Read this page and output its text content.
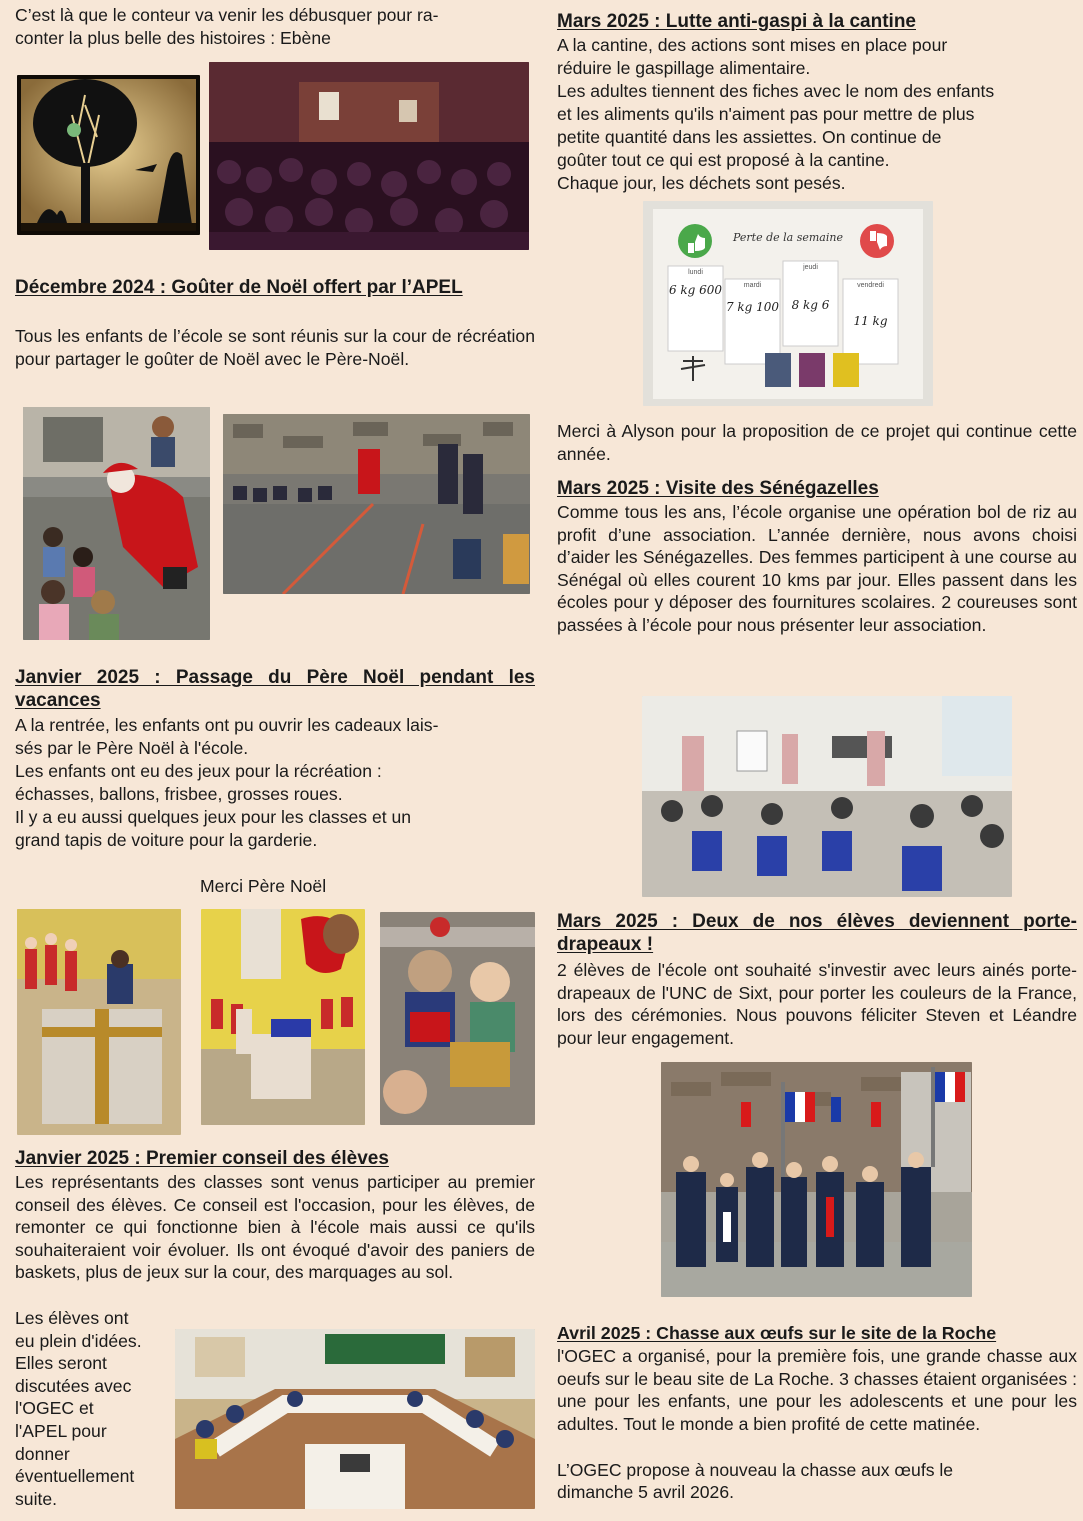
C’est là que le conteur va venir les débusquer pour ra-
conter la plus belle des histoires : Ebène
Décembre 2024 : Goûter de Noël offert par l’APEL

Tous les enfants de l’école se sont réunis sur la cour de récréation pour partager le goûter de Noël avec le Père-Noël.

Janvier 2025 : Passage du Père Noël pendant les vacances
A la rentrée, les enfants ont pu ouvrir les cadeaux lais-
sés par le Père Noël à l'école.
Les enfants ont eu des jeux pour la récréation :
échasses, ballons, frisbee, grosses roues.
Il y a eu aussi quelques jeux pour les classes et un
grand tapis de voiture pour la garderie.
Merci Père Noël
Janvier 2025 : Premier conseil des élèves

Les représentants des classes sont venus participer au premier conseil des élèves. Ce conseil est l'occasion, pour les élèves, de remonter ce qui fonctionne bien à l'école mais aussi ce qu'ils souhaiteraient voir évoluer. Ils ont évoqué d'avoir des paniers de baskets, plus de jeux sur la cour, des marquages au sol.

Les élèves ont
eu plein d'idées.
Elles seront
discutées avec
l'OGEC et
l'APEL pour
donner
éventuellement
suite.
Mars 2025 : Lutte anti-gaspi à la cantine
A la cantine, des actions sont mises en place pour
réduire le gaspillage alimentaire.
Les adultes tiennent des fiches avec le nom des enfants
et les aliments qu'ils n'aiment pas pour mettre de plus
petite quantité dans les assiettes. On continue de
goûter tout ce qui est proposé à la cantine.
Chaque jour, les déchets sont pesés.
Perte de la semaine
lundi
mardi
jeudi
vendredi
6 kg 600
7 kg 100	8 kg 6
11 kg

Merci à Alyson pour la proposition de ce projet qui continue cette année.

Mars 2025 : Visite des Sénégazelles

Comme tous les ans, l’école organise une opération bol de riz au profit d’une association. L’année dernière, nous avons choisi d’aider les Sénégazelles. Des femmes participent à une course au Sénégal où elles courent 10 kms par jour. Elles passent dans les écoles pour y déposer des fournitures scolaires. 2 coureuses sont passées à l’école pour nous présenter leur association.

Mars 2025 : Deux de nos élèves deviennent porte-drapeaux !

2 élèves de l'école ont souhaité s'investir avec leurs ainés porte-drapeaux de l'UNC de Sixt, pour porter les couleurs de la France, lors des cérémonies. Nous pouvons féliciter Steven et Léandre pour leur engagement.

Avril 2025 : Chasse aux œufs sur le site de la Roche

l'OGEC a organisé, pour la première fois, une grande chasse aux oeufs sur le beau site de La Roche. 3 chasses étaient organisées : une pour les enfants, une pour les adolescents et une pour les adultes. Tout le monde a bien profité de cette matinée.

L’OGEC propose à nouveau la chasse aux œufs le
dimanche 5 avril 2026.
